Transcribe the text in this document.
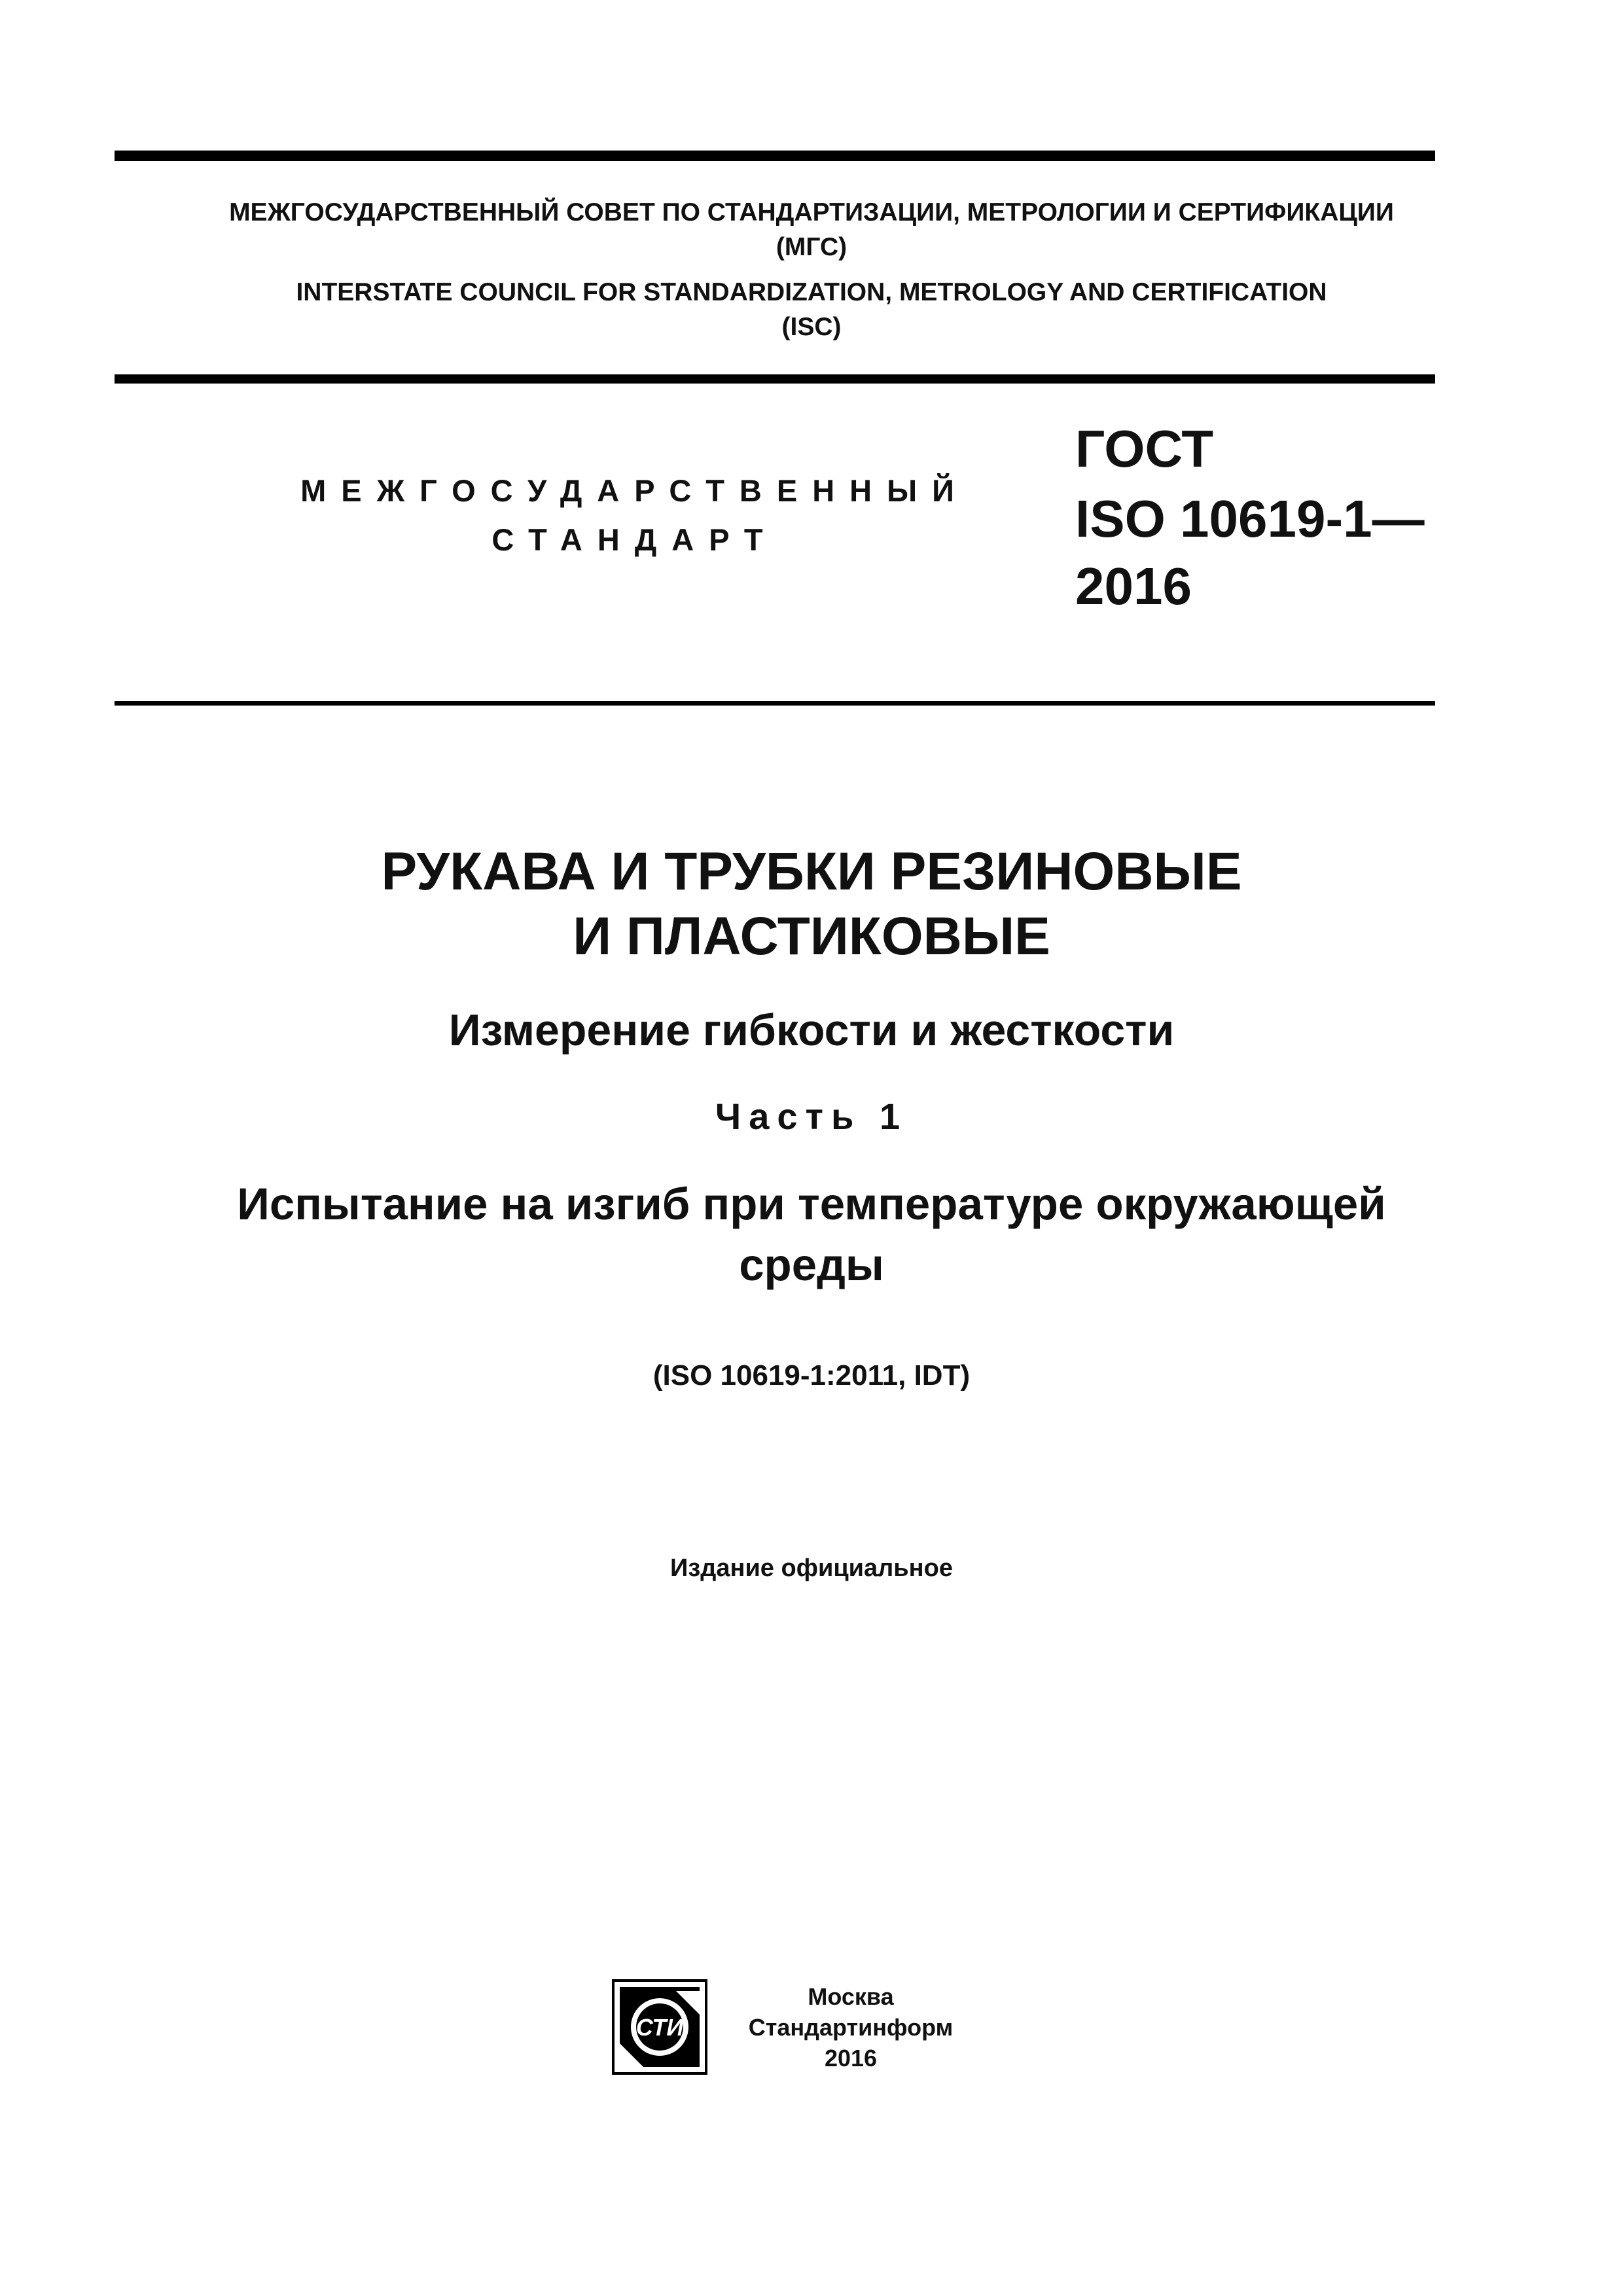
МЕЖГОСУДАРСТВЕННЫЙ СОВЕТ ПО СТАНДАРТИЗАЦИИ, МЕТРОЛОГИИ И СЕРТИФИКАЦИИ
(МГС)
INTERSTATE COUNCIL FOR STANDARDIZATION, METROLOGY AND CERTIFICATION
(ISC)
МЕЖГОСУДАРСТВЕННЫЙ
СТАНДАРТ
ГОСТ
ISO 10619-1—
2016
РУКАВА И ТРУБКИ РЕЗИНОВЫЕ
И ПЛАСТИКОВЫЕ
Измерение гибкости и жесткости
Часть 1
Испытание на изгиб при температуре окружающей
среды
(ISO 10619-1:2011, IDT)
Издание официальное
СТИ
Москва
Стандартинформ
2016
